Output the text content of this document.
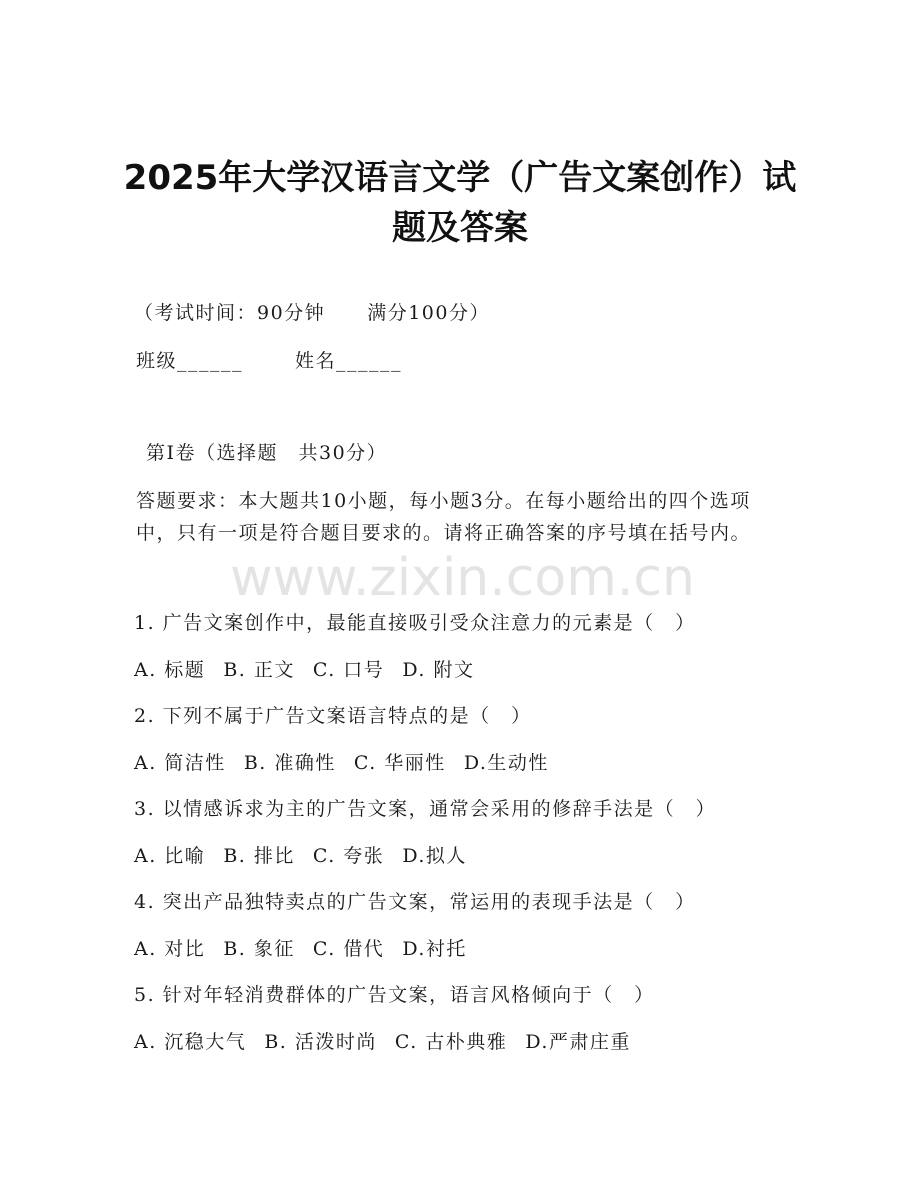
2025年大学汉语言文学（广告文案创作）试
题及答案
（考试时间：90分钟 满分100分）
班级______	姓名______
第Ⅰ卷（选择题　共30分）
答题要求：本大题共10小题，每小题3分。在每小题给出的四个选项
中，只有一项是符合题目要求的。请将正确答案的序号填在括号内。
www.zixin.com.cn
1. 广告文案创作中，最能直接吸引受众注意力的元素是（　）
A. 标题 B. 正文 C. 口号 D. 附文
2. 下列不属于广告文案语言特点的是（　）
A. 简洁性 B. 准确性 C. 华丽性 D.生动性
3. 以情感诉求为主的广告文案，通常会采用的修辞手法是（　）
A. 比喻 B. 排比 C. 夸张 D.拟人
4. 突出产品独特卖点的广告文案，常运用的表现手法是（　）
A. 对比 B. 象征 C. 借代 D.衬托
5. 针对年轻消费群体的广告文案，语言风格倾向于（　）
A. 沉稳大气 B. 活泼时尚 C. 古朴典雅 D.严肃庄重
